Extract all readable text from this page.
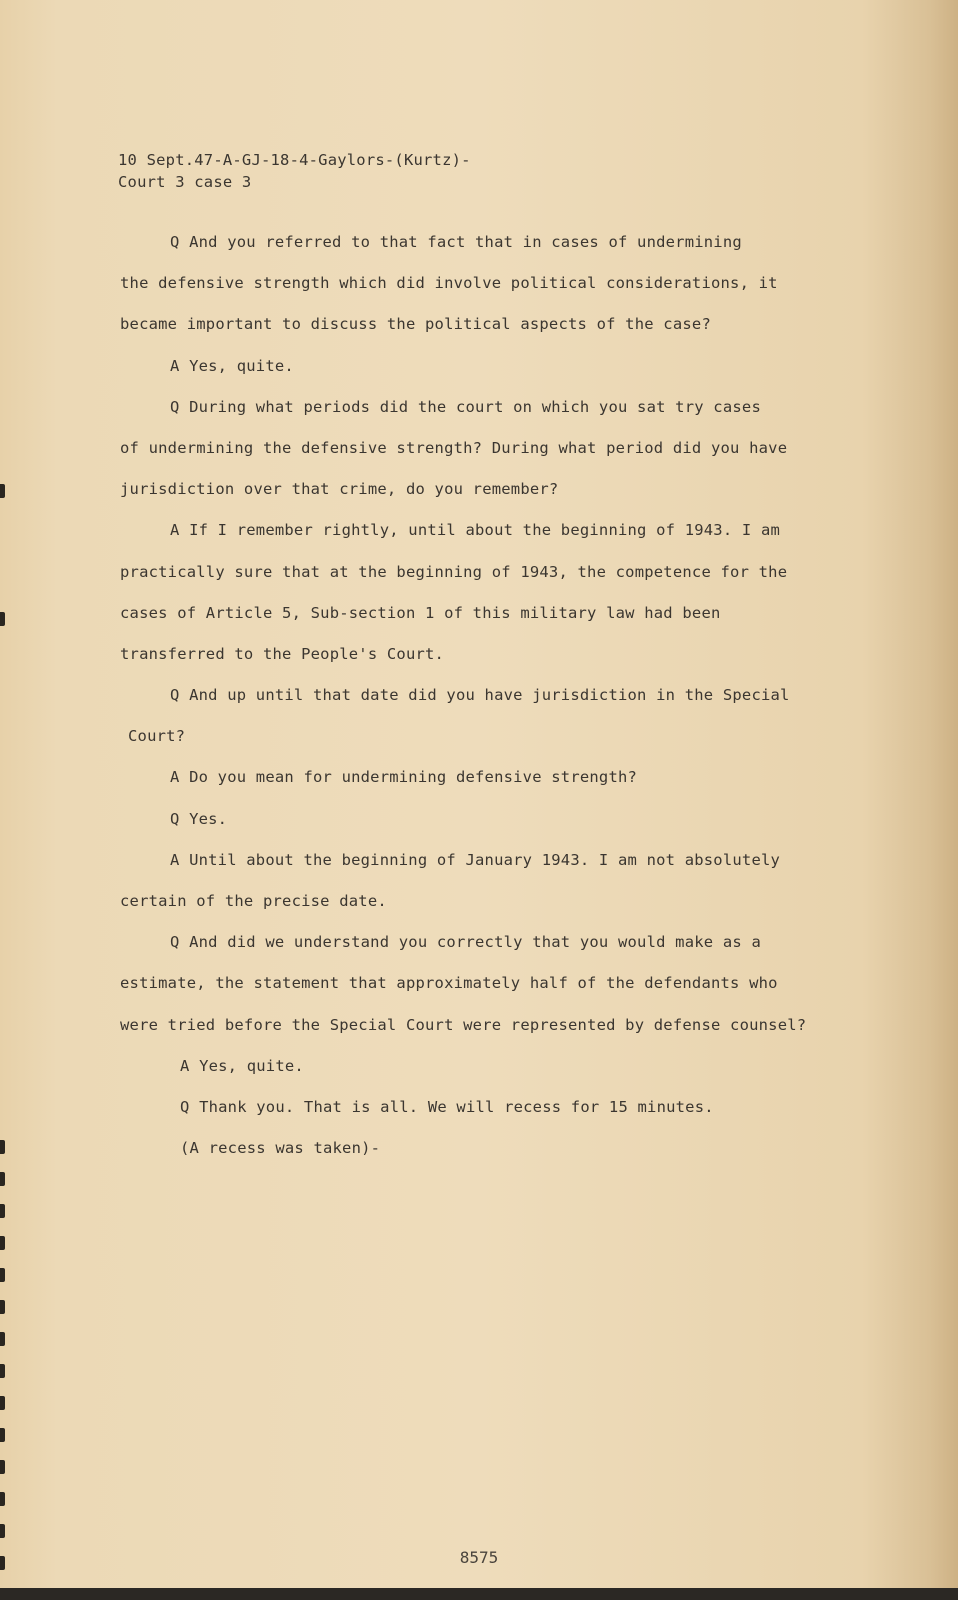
10 Sept.47-A-GJ-18-4-Gaylors-(Kurtz)-
Court 3 case 3
Q And you referred to that fact that in cases of undermining
the defensive strength which did involve political considerations, it
became important to discuss the political aspects of the case?
A Yes, quite.
Q During what periods did the court on which you sat try cases
of undermining the defensive strength? During what period did you have
jurisdiction over that crime, do you remember?
A If I remember rightly, until about the beginning of 1943. I am
practically sure that at the beginning of 1943, the competence for the
cases of Article 5, Sub-section 1 of this military law had been
transferred to the People's Court.
Q And up until that date did you have jurisdiction in the Special
Court?
A Do you mean for undermining defensive strength?
Q Yes.
A Until about the beginning of January 1943. I am not absolutely
certain of the precise date.
Q And did we understand you correctly that you would make as a
estimate, the statement that approximately half of the defendants who
were tried before the Special Court were represented by defense counsel?
A Yes, quite.
Q Thank you. That is all. We will recess for 15 minutes.
(A recess was taken)-
8575
